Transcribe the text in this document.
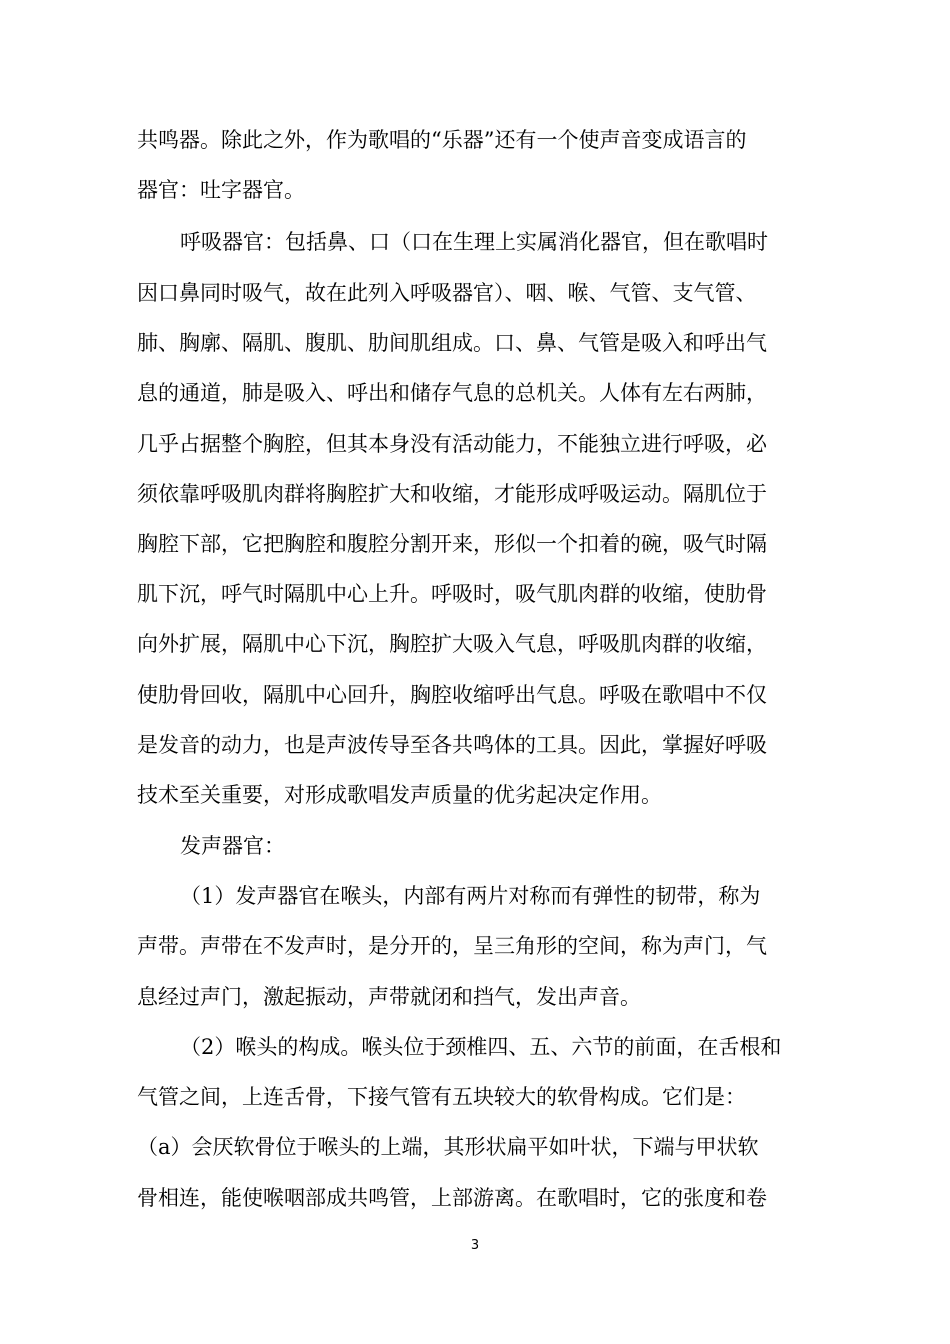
共鸣器。除此之外，作为歌唱的“乐器”还有一个使声音变成语言的
器官：吐字器官。
呼吸器官：包括鼻、口（口在生理上实属消化器官，但在歌唱时
因口鼻同时吸气，故在此列入呼吸器官）、咽、喉、气管、支气管、
肺、胸廓、隔肌、腹肌、肋间肌组成。口、鼻、气管是吸入和呼出气
息的通道，肺是吸入、呼出和储存气息的总机关。人体有左右两肺，
几乎占据整个胸腔，但其本身没有活动能力，不能独立进行呼吸，必
须依靠呼吸肌肉群将胸腔扩大和收缩，才能形成呼吸运动。隔肌位于
胸腔下部，它把胸腔和腹腔分割开来，形似一个扣着的碗，吸气时隔
肌下沉，呼气时隔肌中心上升。呼吸时，吸气肌肉群的收缩，使肋骨
向外扩展，隔肌中心下沉，胸腔扩大吸入气息，呼吸肌肉群的收缩，
使肋骨回收，隔肌中心回升，胸腔收缩呼出气息。呼吸在歌唱中不仅
是发音的动力，也是声波传导至各共鸣体的工具。因此，掌握好呼吸
技术至关重要，对形成歌唱发声质量的优劣起决定作用。
发声器官：
（1）发声器官在喉头，内部有两片对称而有弹性的韧带，称为
声带。声带在不发声时，是分开的，呈三角形的空间，称为声门，气
息经过声门，激起振动，声带就闭和挡气，发出声音。
（2）喉头的构成。喉头位于颈椎四、五、六节的前面，在舌根和
气管之间，上连舌骨，下接气管有五块较大的软骨构成。它们是：
（a）会厌软骨位于喉头的上端，其形状扁平如叶状，下端与甲状软
骨相连，能使喉咽部成共鸣管，上部游离。在歌唱时，它的张度和卷
3
